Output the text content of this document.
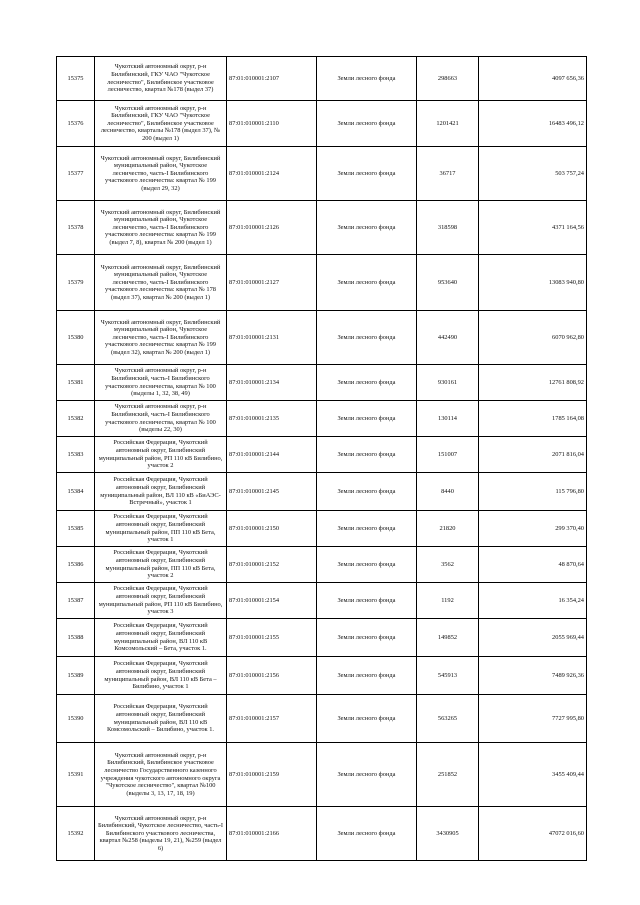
15375	Чукотский автономный округ, р-н Билибинский, ГКУ ЧАО "Чукотское лесничество", Билибинское участковое лесничество, квартал №178 (выдел 37)	87:01:010001:2107	Земли лесного фонда	298663	4097 656,36
15376	Чукотский автономный округ, р-н Билибинский, ГКУ ЧАО "Чукотское лесничество", Билибинское участковое лесничество, кварталы №178 (выдел 37), № 200 (выдел 1)	87:01:010001:2110	Земли лесного фонда	1201421	16483 496,12
15377	Чукотский автономный округ, Билибинский муниципальный район, Чукотское лесничество, часть-I Билибинского участкового лесничества: квартал № 199 (выдел 29, 32)	87:01:010001:2124	Земли лесного фонда	36717	503 757,24
15378	Чукотский автономный округ, Билибинский муниципальный район, Чукотское лесничество, часть-I Билибинского участкового лесничества: квартал № 199 (выдел 7, 8), квартал № 200 (выдел 1)	87:01:010001:2126	Земли лесного фонда	318598	4371 164,56
15379	Чукотский автономный округ, Билибинский муниципальный район, Чукотское лесничество, часть-I Билибинского участкового лесничества: квартал № 178 (выдел 37), квартал № 200 (выдел 1)	87:01:010001:2127	Земли лесного фонда	953640	13083 940,80
15380	Чукотский автономный округ, Билибинский муниципальный район, Чукотское лесничество, часть-I Билибинского участкового лесничества: квартал № 199 (выдел 32), квартал № 200 (выдел 1)	87:01:010001:2131	Земли лесного фонда	442490	6070 962,80
15381	Чукотский автономный округ, р-н Билибинский, часть-I Билибинского участкового лесничества, квартал № 100 (выделы 1, 32, 38, 49)	87:01:010001:2134	Земли лесного фонда	930161	12761 808,92
15382	Чукотский автономный округ, р-н Билибинский, часть-I Билибинского участкового лесничества, квартал № 100 (выделы 22, 30)	87:01:010001:2135	Земли лесного фонда	130114	1785 164,08
15383	Российская Федерация, Чукотский автономный округ, Билибинский муниципальный район, РП 110 кВ Билибино, участок 2	87:01:010001:2144	Земли лесного фонда	151007	2071 816,04
15384	Российская Федерация, Чукотский автономный округ, Билибинский муниципальный район, ВЛ 110 кВ «БиАЭС-Встречный», участок 1	87:01:010001:2145	Земли лесного фонда	8440	115 796,80
15385	Российская Федерация, Чукотский автономный округ, Билибинский муниципальный район, ПП 110 кВ Бета, участок 1	87:01:010001:2150	Земли лесного фонда	21820	299 370,40
15386	Российская Федерация, Чукотский автономный округ, Билибинский муниципальный район, ПП 110 кВ Бета, участок 2	87:01:010001:2152	Земли лесного фонда	3562	48 870,64
15387	Российская Федерация, Чукотский автономный округ, Билибинский муниципальный район, РП 110 кВ Билибино, участок 3	87:01:010001:2154	Земли лесного фонда	1192	16 354,24
15388	Российская Федерация, Чукотский автономный округ, Билибинский муниципальный район, ВЛ 110 кВ Комсомольский – Бета, участок 1.	87:01:010001:2155	Земли лесного фонда	149852	2055 969,44
15389	Российская Федерация, Чукотский автономный округ, Билибинский муниципальный район, ВЛ 110 кВ Бета – Билибино, участок 1	87:01:010001:2156	Земли лесного фонда	545913	7489 926,36
15390	Российская Федерация, Чукотский автономный округ, Билибинский муниципальный район, ВЛ 110 кВ Комсомольский – Билибино, участок 1.	87:01:010001:2157	Земли лесного фонда	563265	7727 995,80
15391	Чукотский автономный округ, р-н Билибинский, Билибинское участковое лесничество Государственного казенного учреждения чукотского автономного округа "Чукотское лесничество", квартал №100 (выделы 3, 13, 17, 18, 19)	87:01:010001:2159	Земли лесного фонда	251852	3455 409,44
15392	Чукотский автономный округ, р-н Билибинский, Чукотское лесничество, часть-I Билибинского участкового лесничества, квартал №258 (выделы 19, 21), №259 (выдел 6)	87:01:010001:2166	Земли лесного фонда	3430905	47072 016,60
